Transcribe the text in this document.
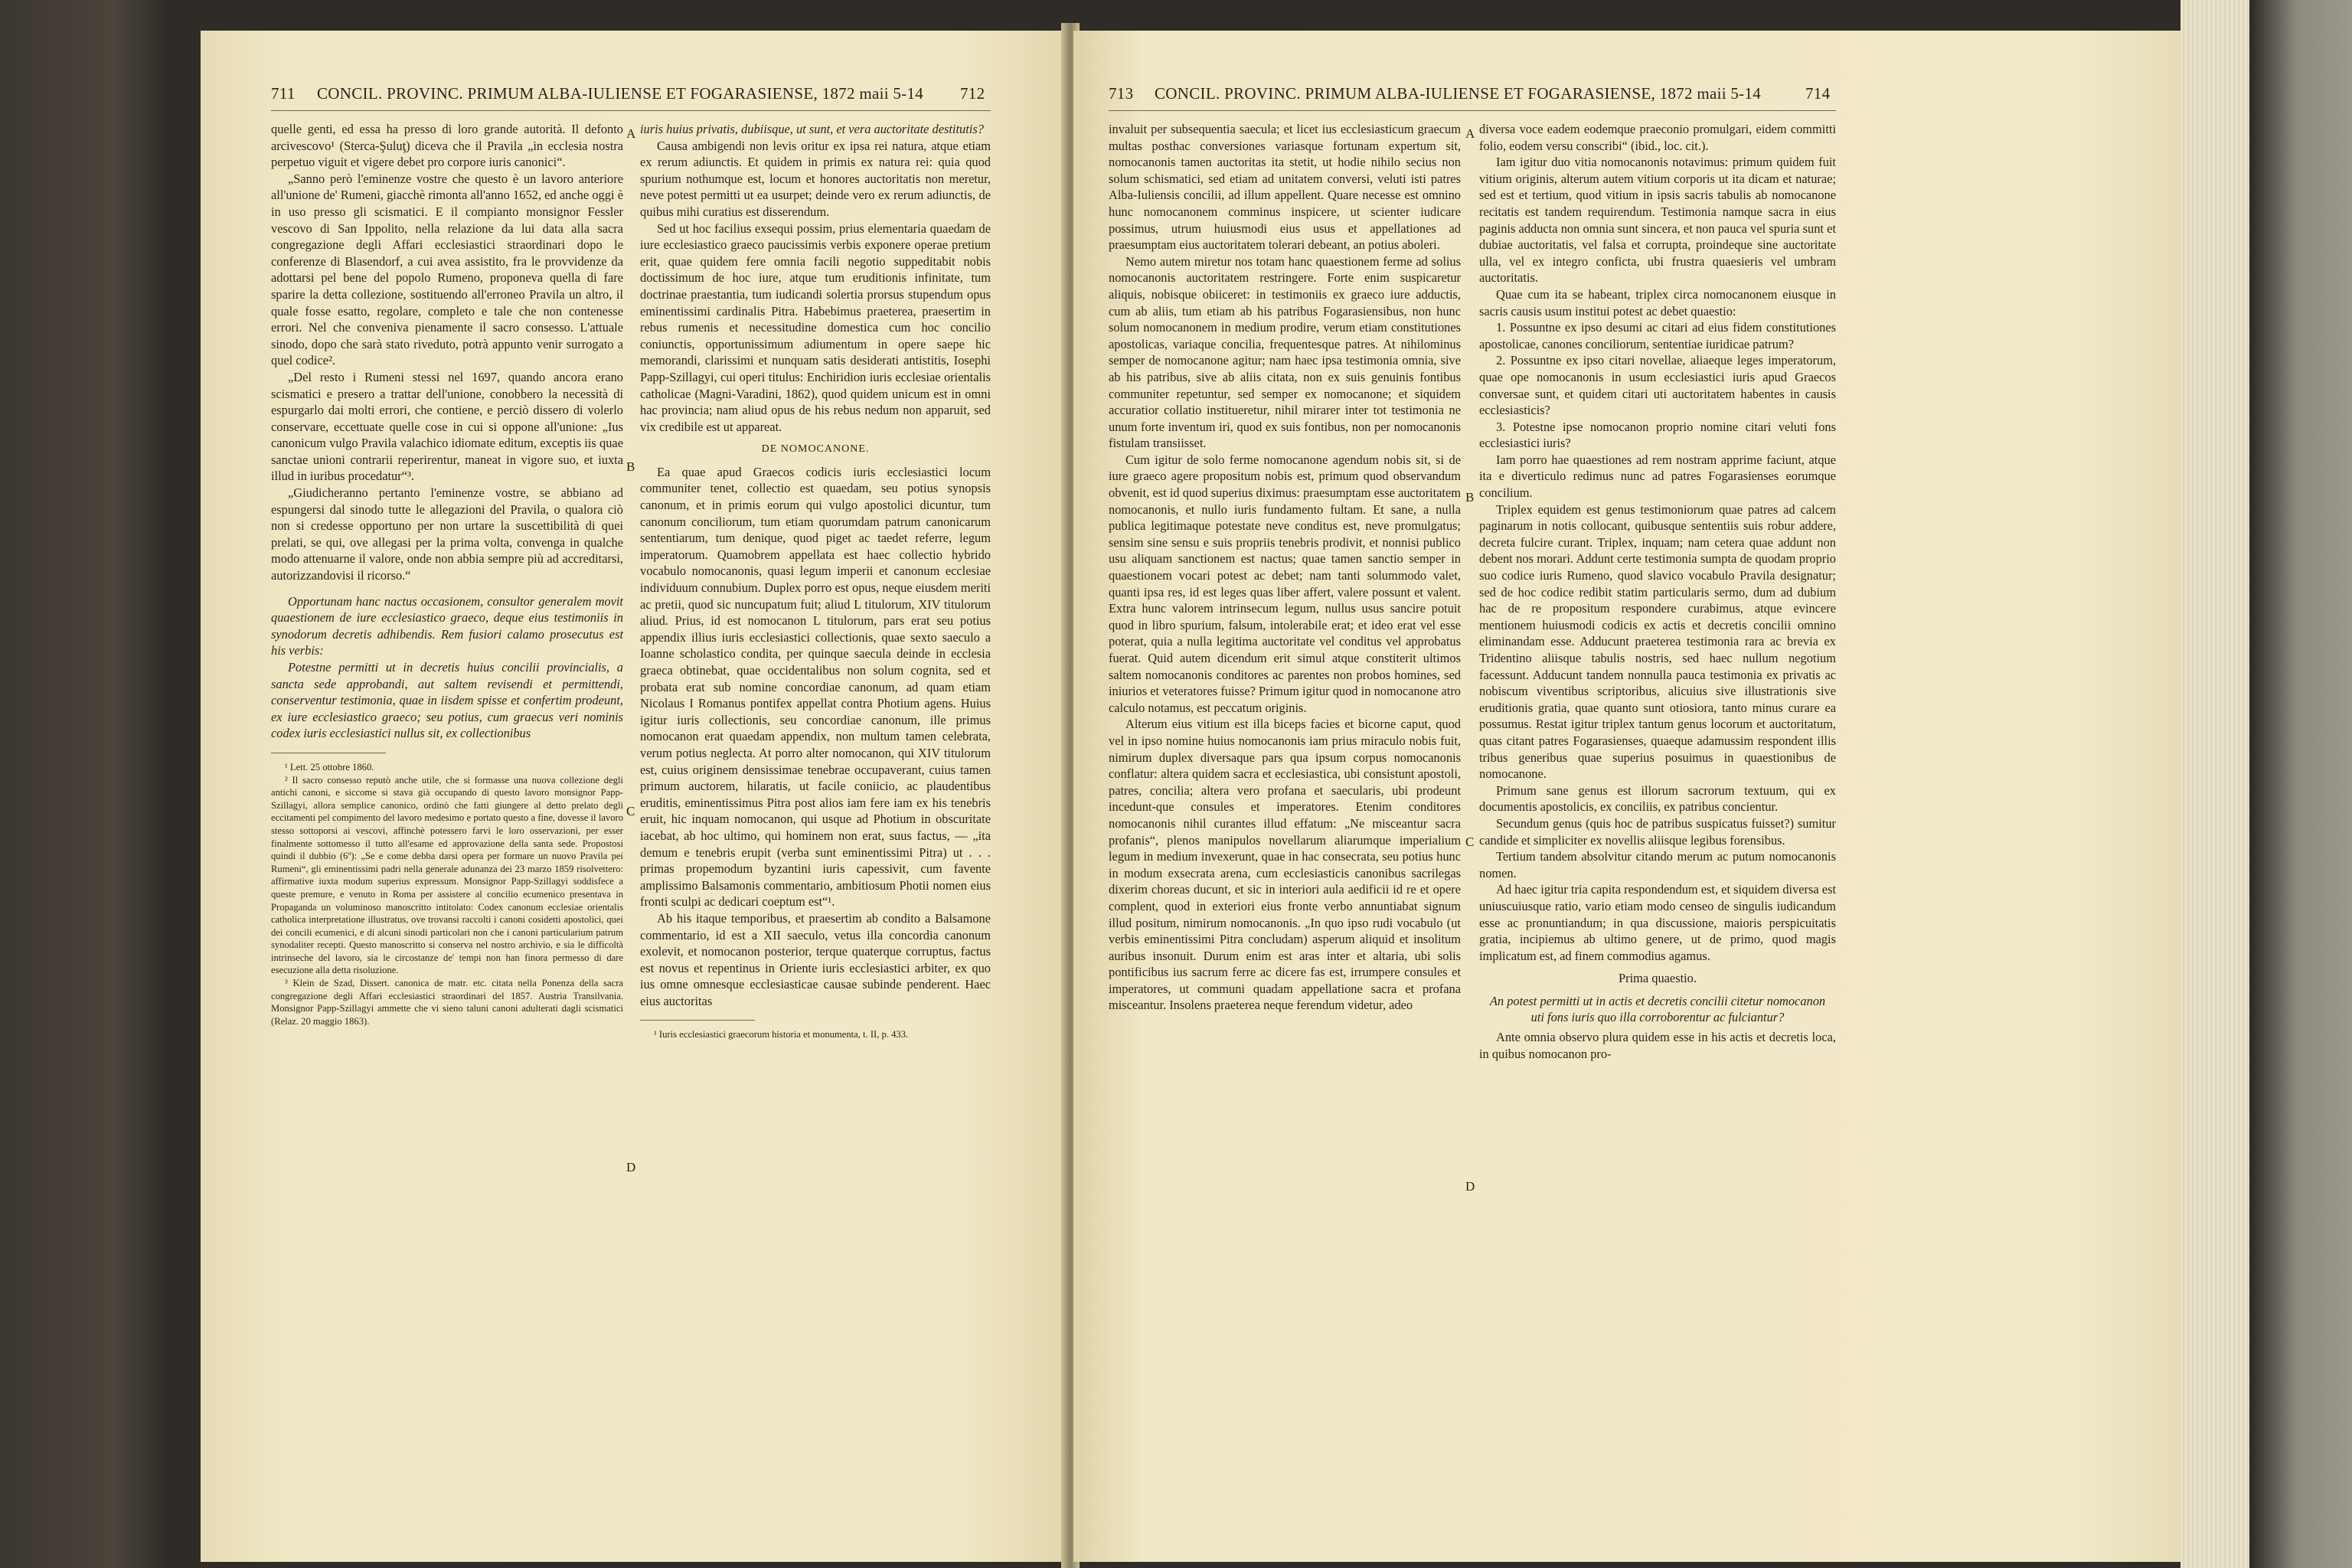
711 CONCIL. PROVINC. PRIMUM ALBA-IULIENSE ET FOGARASIENSE, 1872 maii 5-14 712

quelle genti, ed essa ha presso di loro grande autorità. Il defonto arcivescovo¹ (Sterca-Şuluţ) diceva che il Pravila „in ecclesia nostra perpetuo viguit et vigere debet pro corpore iuris canonici“.

„Sanno però l'eminenze vostre che questo è un lavoro anteriore all'unione de' Rumeni, giacchè rimonta all'anno 1652, ed anche oggi è in uso presso gli scismatici. E il compianto monsignor Fessler vescovo di San Ippolito, nella relazione da lui data alla sacra congregazione degli Affari ecclesiastici straordinari dopo le conferenze di Blasendorf, a cui avea assistito, fra le provvidenze da adottarsi pel bene del popolo Rumeno, proponeva quella di fare sparire la detta collezione, sostituendo all'erroneo Pravila un altro, il quale fosse esatto, regolare, completo e tale che non contenesse errori. Nel che conveniva pienamente il sacro consesso. L'attuale sinodo, dopo che sarà stato riveduto, potrà appunto venir surrogato a quel codice².

„Del resto i Rumeni stessi nel 1697, quando ancora erano scismatici e presero a trattar dell'unione, conobbero la necessità di espurgarlo dai molti errori, che contiene, e perciò dissero di volerlo conservare, eccettuate quelle cose in cui si oppone all'unione: „Ius canonicum vulgo Pravila valachico idiomate editum, exceptis iis quae sanctae unioni contrarii reperirentur, maneat in vigore suo, et iuxta illud in iuribus procedatur“³.

„Giudicheranno pertanto l'eminenze vostre, se abbiano ad espungersi dal sinodo tutte le allegazioni del Pravila, o qualora ciò non si credesse opportuno per non urtare la suscettibilità di quei prelati, se qui, ove allegasi per la prima volta, convenga in qualche modo attenuarne il valore, onde non abbia sempre più ad accreditarsi, autorizzandovisi il ricorso.“

Opportunam hanc nactus occasionem, consultor generalem movit quaestionem de iure ecclesiastico graeco, deque eius testimoniis in synodorum decretis adhibendis. Rem fusiori calamo prosecutus est his verbis:

Potestne permitti ut in decretis huius concilii provincialis, a sancta sede approbandi, aut saltem revisendi et permittendi, conserventur testimonia, quae in iisdem spisse et confertim prodeunt, ex iure ecclesiastico graeco; seu potius, cum graecus veri nominis codex iuris ecclesiastici nullus sit, ex collectionibus

¹ Lett. 25 ottobre 1860.

² Il sacro consesso reputò anche utile, che si formasse una nuova collezione degli antichi canoni, e siccome si stava già occupando di questo lavoro monsignor Papp-Szillagyi, allora semplice canonico, ordinò che fatti giungere al detto prelato degli eccitamenti pel compimento del lavoro medesimo e portato questo a fine, dovesse il lavoro stesso sottoporsi ai vescovi, affinchè potessero farvi le loro osservazioni, per esser finalmente sottomesso il tutto all'esame ed approvazione della santa sede. Propostosi quindi il dubbio (6º): „Se e come debba darsi opera per formare un nuovo Pravila pei Rumeni“, gli eminentissimi padri nella generale adunanza dei 23 marzo 1859 risolvettero: affirmative iuxta modum superius expressum. Monsignor Papp-Szillagyi soddisfece a queste premure, e venuto in Roma per assistere al concilio ecumenico presentava in Propaganda un voluminoso manoscritto intitolato: Codex canonum ecclesiae orientalis catholica interpretatione illustratus, ove trovansi raccolti i canoni cosidetti apostolici, quei dei concili ecumenici, e di alcuni sinodi particolari non che i canoni particularium patrum synodaliter recepti. Questo manoscritto si conserva nel nostro archivio, e sia le difficoltà intrinseche del lavoro, sia le circostanze de' tempi non han finora permesso di dare esecuzione alla detta risoluzione.

³ Klein de Szad, Dissert. canonica de matr. etc. citata nella Ponenza della sacra congregazione degli Affari ecclesiastici straordinari del 1857. Austria Transilvania. Monsignor Papp-Szillagyi ammette che vi sieno taluni canoni adulterati dagli scismatici (Relaz. 20 maggio 1863).

A
B
C
D

iuris huius privatis, dubiisque, ut sunt, et vera auctoritate destitutis?

Causa ambigendi non levis oritur ex ipsa rei natura, atque etiam ex rerum adiunctis. Et quidem in primis ex natura rei: quia quod spurium nothumque est, locum et honores auctoritatis non meretur, neve potest permitti ut ea usurpet; deinde vero ex rerum adiunctis, de quibus mihi curatius est disserendum.

Sed ut hoc facilius exsequi possim, prius elementaria quaedam de iure ecclesiastico graeco paucissimis verbis exponere operae pretium erit, quae quidem fere omnia facili negotio suppeditabit nobis doctissimum de hoc iure, atque tum eruditionis infinitate, tum doctrinae praestantia, tum iudicandi solertia prorsus stupendum opus eminentissimi cardinalis Pitra. Habebimus praeterea, praesertim in rebus rumenis et necessitudine domestica cum hoc concilio coniunctis, opportunissimum adiumentum in opere saepe hic memorandi, clarissimi et nunquam satis desiderati antistitis, Iosephi Papp-Szillagyi, cui operi titulus: Enchiridion iuris ecclesiae orientalis catholicae (Magni-Varadini, 1862), quod quidem unicum est in omni hac provincia; nam aliud opus de his rebus nedum non apparuit, sed vix credibile est ut appareat.

DE NOMOCANONE.

Ea quae apud Graecos codicis iuris ecclesiastici locum communiter tenet, collectio est quaedam, seu potius synopsis canonum, et in primis eorum qui vulgo apostolici dicuntur, tum canonum conciliorum, tum etiam quorumdam patrum canonicarum sententiarum, tum denique, quod piget ac taedet referre, legum imperatorum. Quamobrem appellata est haec collectio hybrido vocabulo nomocanonis, quasi legum imperii et canonum ecclesiae individuum connubium. Duplex porro est opus, neque eiusdem meriti ac pretii, quod sic nuncupatum fuit; aliud L titulorum, XIV titulorum aliud. Prius, id est nomocanon L titulorum, pars erat seu potius appendix illius iuris ecclesiastici collectionis, quae sexto saeculo a Ioanne scholastico condita, per quinque saecula deinde in ecclesia graeca obtinebat, quae occidentalibus non solum cognita, sed et probata erat sub nomine concordiae canonum, ad quam etiam Nicolaus I Romanus pontifex appellat contra Photium agens. Huius igitur iuris collectionis, seu concordiae canonum, ille primus nomocanon erat quaedam appendix, non multum tamen celebrata, verum potius neglecta. At porro alter nomocanon, qui XIV titulorum est, cuius originem densissimae tenebrae occupaverant, cuius tamen primum auctorem, hilaratis, ut facile coniicio, ac plaudentibus eruditis, eminentissimus Pitra post alios iam fere iam ex his tenebris eruit, hic inquam nomocanon, qui usque ad Photium in obscuritate iacebat, ab hoc ultimo, qui hominem non erat, suus factus, — „ita demum e tenebris erupit (verba sunt eminentissimi Pitra) ut . . . primas propemodum byzantini iuris capessivit, cum favente amplissimo Balsamonis commentario, ambitiosum Photii nomen eius fronti sculpi ac dedicari coeptum est“¹.

Ab his itaque temporibus, et praesertim ab condito a Balsamone commentario, id est a XII saeculo, vetus illa concordia canonum exolevit, et nomocanon posterior, terque quaterque corruptus, factus est novus et repentinus in Oriente iuris ecclesiastici arbiter, ex quo ius omne omnesque ecclesiasticae causae subinde penderent. Haec eius auctoritas

¹ Iuris ecclesiastici graecorum historia et monumenta, t. II, p. 433.

713 CONCIL. PROVINC. PRIMUM ALBA-IULIENSE ET FOGARASIENSE, 1872 maii 5-14	714

invaluit per subsequentia saecula; et licet ius ecclesiasticum graecum multas posthac conversiones variasque fortunam expertum sit, nomocanonis tamen auctoritas ita stetit, ut hodie nihilo secius non solum schismatici, sed etiam ad unitatem conversi, veluti isti patres Alba-Iuliensis concilii, ad illum appellent. Quare necesse est omnino hunc nomocanonem comminus inspicere, ut scienter iudicare possimus, utrum huiusmodi eius usus et appellationes ad praesumptam eius auctoritatem tolerari debeant, an potius aboleri.

Nemo autem miretur nos totam hanc quaestionem ferme ad solius nomocanonis auctoritatem restringere. Forte enim suspicaretur aliquis, nobisque obiiceret: in testimoniis ex graeco iure adductis, cum ab aliis, tum etiam ab his patribus Fogarasiensibus, non hunc solum nomocanonem in medium prodire, verum etiam constitutiones apostolicas, variaque concilia, frequentesque patres. At nihilominus semper de nomocanone agitur; nam haec ipsa testimonia omnia, sive ab his patribus, sive ab aliis citata, non ex suis genuinis fontibus communiter repetuntur, sed semper ex nomocanone; et siquidem accuratior collatio institueretur, nihil mirarer inter tot testimonia ne unum forte inventum iri, quod ex suis fontibus, non per nomocanonis fistulam transiisset.

Cum igitur de solo ferme nomocanone agendum nobis sit, si de iure graeco agere propositum nobis est, primum quod observandum obvenit, est id quod superius diximus: praesumptam esse auctoritatem nomocanonis, et nullo iuris fundamento fultam. Et sane, a nulla publica legitimaque potestate neve conditus est, neve promulgatus; sensim sine sensu e suis propriis tenebris prodivit, et nonnisi publico usu aliquam sanctionem est nactus; quae tamen sanctio semper in quaestionem vocari potest ac debet; nam tanti solummodo valet, quanti ipsa res, id est leges quas liber affert, valere possunt et valent. Extra hunc valorem intrinsecum legum, nullus usus sancire potuit quod in libro spurium, falsum, intolerabile erat; et ideo erat vel esse poterat, quia a nulla legitima auctoritate vel conditus vel approbatus fuerat. Quid autem dicendum erit simul atque constiterit ultimos saltem nomocanonis conditores ac parentes non probos homines, sed iniurios et veteratores fuisse? Primum igitur quod in nomocanone atro calculo notamus, est peccatum originis.

Alterum eius vitium est illa biceps facies et bicorne caput, quod vel in ipso nomine huius nomocanonis iam prius miraculo nobis fuit, nimirum duplex diversaque pars qua ipsum corpus nomocanonis conflatur: altera quidem sacra et ecclesiastica, ubi consistunt apostoli, patres, concilia; altera vero profana et saecularis, ubi prodeunt incedunt-que consules et imperatores. Etenim conditores nomocanonis nihil curantes illud effatum: „Ne misceantur sacra profanis“, plenos manipulos novellarum aliarumque imperialium legum in medium invexerunt, quae in hac consecrata, seu potius hunc in modum exsecrata arena, cum ecclesiasticis canonibus sacrilegas dixerim choreas ducunt, et sic in interiori aula aedificii id re et opere complent, quod in exteriori eius fronte verbo annuntiabat signum illud positum, nimirum nomocanonis. „In quo ipso rudi vocabulo (ut verbis eminentissimi Pitra concludam) asperum aliquid et insolitum auribus insonuit. Durum enim est aras inter et altaria, ubi solis pontificibus ius sacrum ferre ac dicere fas est, irrumpere consules et imperatores, ut communi quadam appellatione sacra et profana misceantur. Insolens praeterea neque ferendum videtur, adeo

A
B
C
D

diversa voce eadem eodemque praeconio promulgari, eidem committi folio, eodem versu conscribi“ (ibid., loc. cit.).

Iam igitur duo vitia nomocanonis notavimus: primum quidem fuit vitium originis, alterum autem vitium corporis ut ita dicam et naturae; sed est et tertium, quod vitium in ipsis sacris tabulis ab nomocanone recitatis est tandem requirendum. Testimonia namque sacra in eius paginis adducta non omnia sunt sincera, et non pauca vel spuria sunt et dubiae auctoritatis, vel falsa et corrupta, proindeque sine auctoritate ulla, vel ex integro conficta, ubi frustra quaesieris vel umbram auctoritatis.

Quae cum ita se habeant, triplex circa nomocanonem eiusque in sacris causis usum institui potest ac debet quaestio:

1. Possuntne ex ipso desumi ac citari ad eius fidem constitutiones apostolicae, canones conciliorum, sententiae iuridicae patrum?

2. Possuntne ex ipso citari novellae, aliaeque leges imperatorum, quae ope nomocanonis in usum ecclesiastici iuris apud Graecos conversae sunt, et quidem citari uti auctoritatem habentes in causis ecclesiasticis?

3. Potestne ipse nomocanon proprio nomine citari veluti fons ecclesiastici iuris?

Iam porro hae quaestiones ad rem nostram apprime faciunt, atque ita e diverticulo redimus nunc ad patres Fogarasienses eorumque concilium.

Triplex equidem est genus testimoniorum quae patres ad calcem paginarum in notis collocant, quibusque sententiis suis robur addere, decreta fulcire curant. Triplex, inquam; nam cetera quae addunt non debent nos morari. Addunt certe testimonia sumpta de quodam proprio suo codice iuris Rumeno, quod slavico vocabulo Pravila designatur; sed de hoc codice redibit statim particularis sermo, dum ad dubium hac de re propositum respondere curabimus, atque evincere mentionem huiusmodi codicis ex actis et decretis concilii omnino eliminandam esse. Adducunt praeterea testimonia rara ac brevia ex Tridentino aliisque tabulis nostris, sed haec nullum negotium facessunt. Adducunt tandem nonnulla pauca testimonia ex privatis ac nobiscum viventibus scriptoribus, alicuius sive illustrationis sive eruditionis gratia, quae quanto sunt otiosiora, tanto minus curare ea possumus. Restat igitur triplex tantum genus locorum et auctoritatum, quas citant patres Fogarasienses, quaeque adamussim respondent illis tribus generibus quae superius posuimus in quaestionibus de nomocanone.

Primum sane genus est illorum sacrorum textuum, qui ex documentis apostolicis, ex conciliis, ex patribus concientur.

Secundum genus (quis hoc de patribus suspicatus fuisset?) sumitur candide et simpliciter ex novellis aliisque legibus forensibus.

Tertium tandem absolvitur citando merum ac putum nomocanonis nomen.

Ad haec igitur tria capita respondendum est, et siquidem diversa est uniuscuiusque ratio, vario etiam modo censeo de singulis iudicandum esse ac pronuntiandum; in qua discussione, maioris perspicuitatis gratia, incipiemus ab ultimo genere, ut de primo, quod magis implicatum est, ad finem commodius agamus.

Prima quaestio.

An potest permitti ut in actis et decretis concilii citetur nomocanon uti fons iuris quo illa corroborentur ac fulciantur?

Ante omnia observo plura quidem esse in his actis et decretis loca, in quibus nomocanon pro-
